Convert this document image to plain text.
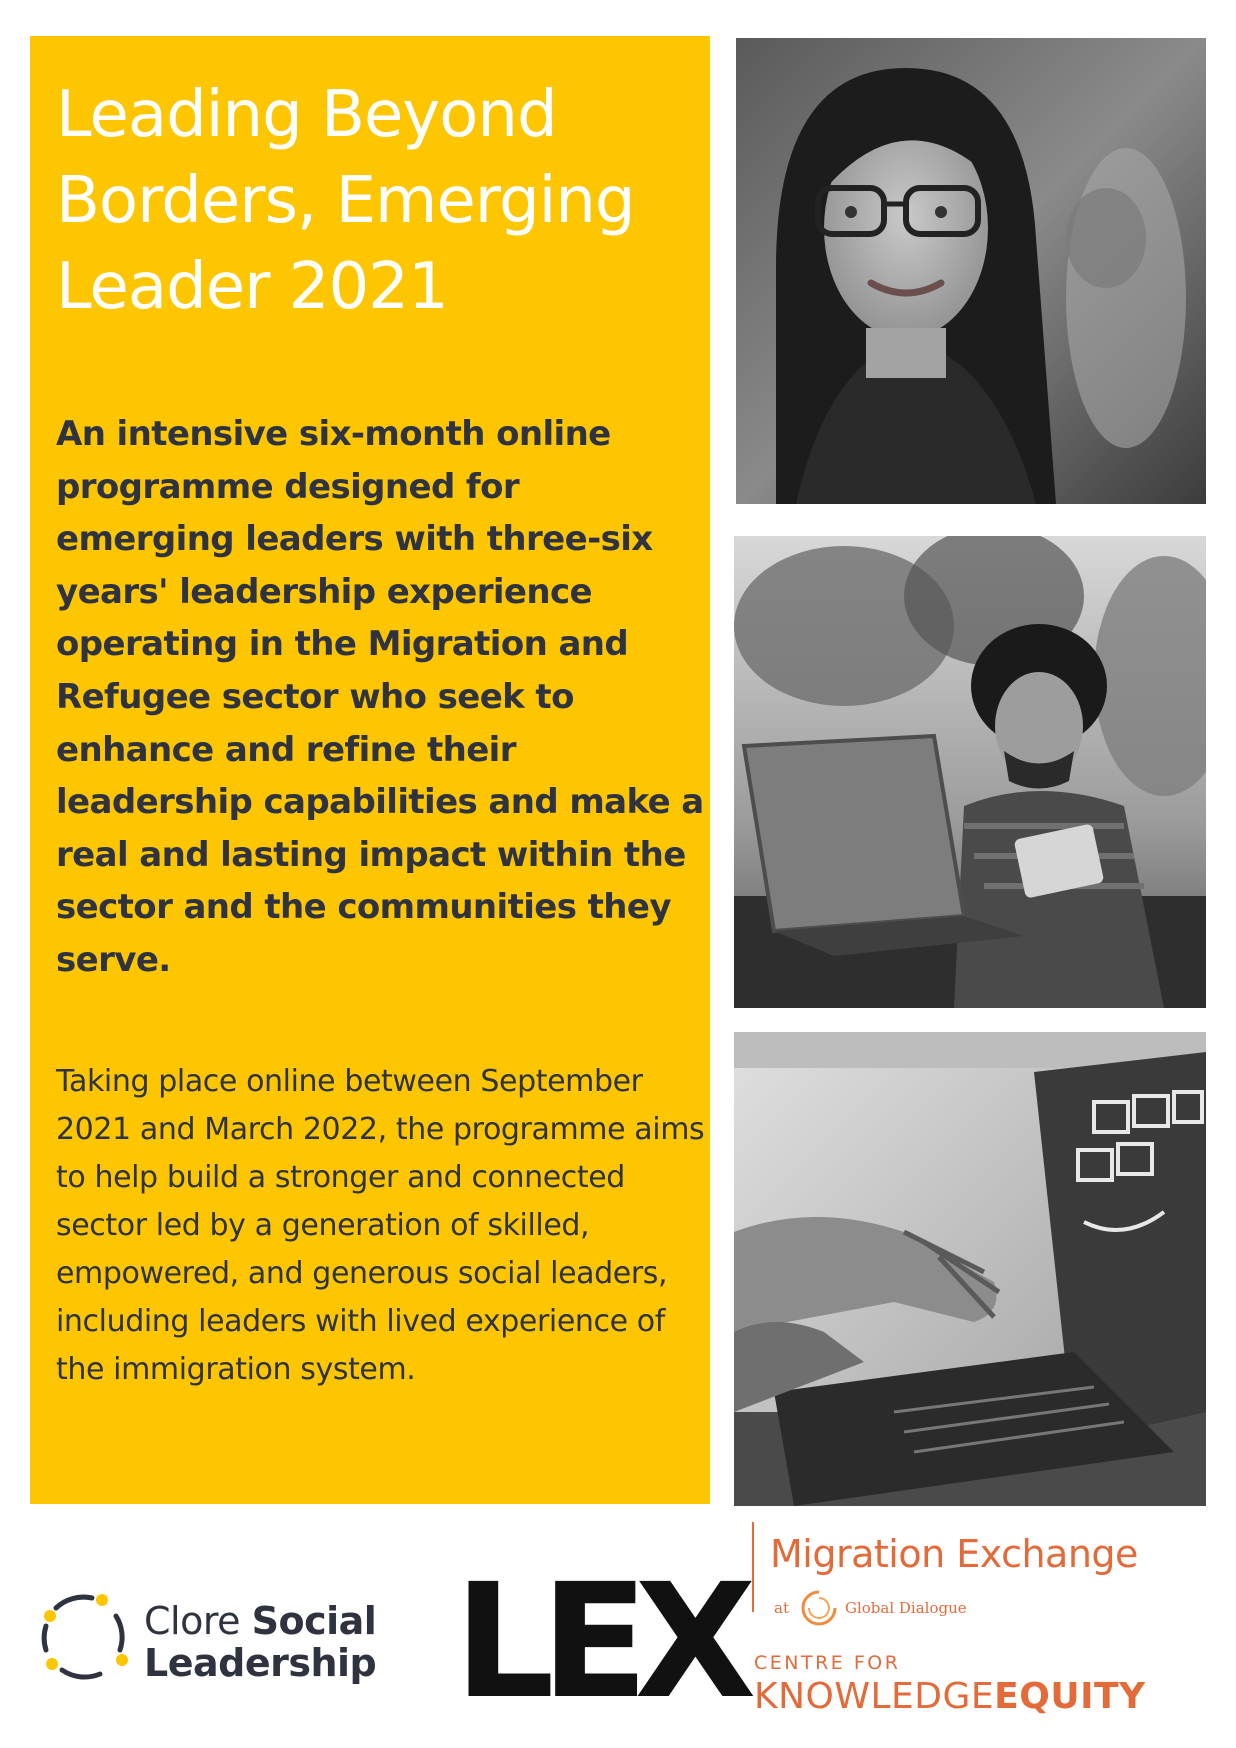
Leading Beyond Borders, Emerging Leader 2021

An intensive six-month online programme designed for emerging leaders with three-six years' leadership experience operating in the Migration and Refugee sector who seek to enhance and refine their leadership capabilities and make a real and lasting impact within the sector and the communities they serve.

Taking place online between September 2021 and March 2022, the programme aims to help build a stronger and connected sector led by a generation of skilled, empowered, and generous social leaders, including leaders with lived experience of the immigration system.

Clore Social
Leadership LEX Migration Exchange
at	Global Dialogue
CENTRE FOR
KNOWLEDGEEQUITY
